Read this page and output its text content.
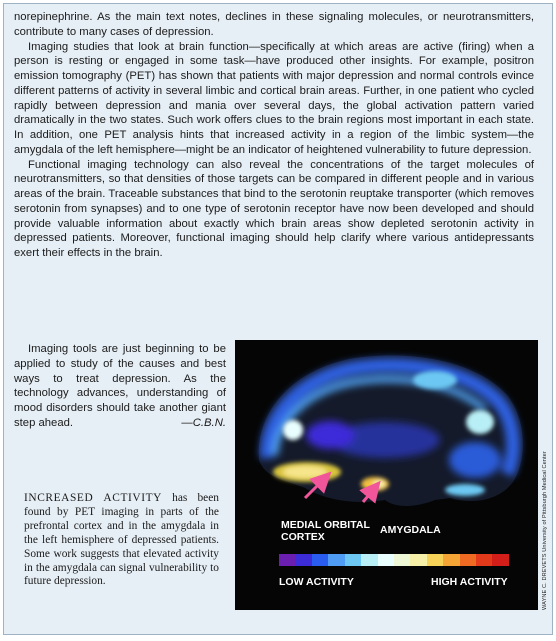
norepinephrine. As the main text notes, declines in these signaling molecules, or neurotransmitters, contribute to many cases of depression.

Imaging studies that look at brain function—specifically at which areas are active (firing) when a person is resting or engaged in some task—have produced other insights. For example, positron emission tomography (PET) has shown that patients with major depression and normal controls evince different patterns of activity in several limbic and cortical brain areas. Further, in one patient who cycled rapidly between depression and mania over several days, the global activation pattern varied dramatically in the two states. Such work offers clues to the brain regions most important in each state. In addition, one PET analysis hints that increased activity in a region of the limbic system—the amygdala of the left hemisphere—might be an indicator of heightened vulnerability to future depression.

Functional imaging technology can also reveal the concentrations of the target molecules of neurotransmitters, so that densities of those targets can be compared in different people and in various areas of the brain. Traceable substances that bind to the serotonin reuptake transporter (which removes serotonin from synapses) and to one type of serotonin receptor have now been developed and should provide valuable information about exactly which brain areas show depleted serotonin activity in depressed patients. Moreover, functional imaging should help clarify where various antidepressants exert their effects in the brain.

Imaging tools are just beginning to be applied to study of the causes and best ways to treat depression. As the technology advances, understanding of mood disorders should take another giant step ahead.	—C.B.N.

INCREASED ACTIVITY has been found by PET imaging in parts of the prefrontal cortex and in the amygdala in the left hemisphere of depressed patients. Some work suggests that elevated activity in the amygdala can signal vulnerability to future depression.
MEDIAL ORBITAL
CORTEX
AMYGDALA
LOW ACTIVITY	HIGH ACTIVITY	WAYNE C. DREVETS University of Pittsburgh Medical Center
